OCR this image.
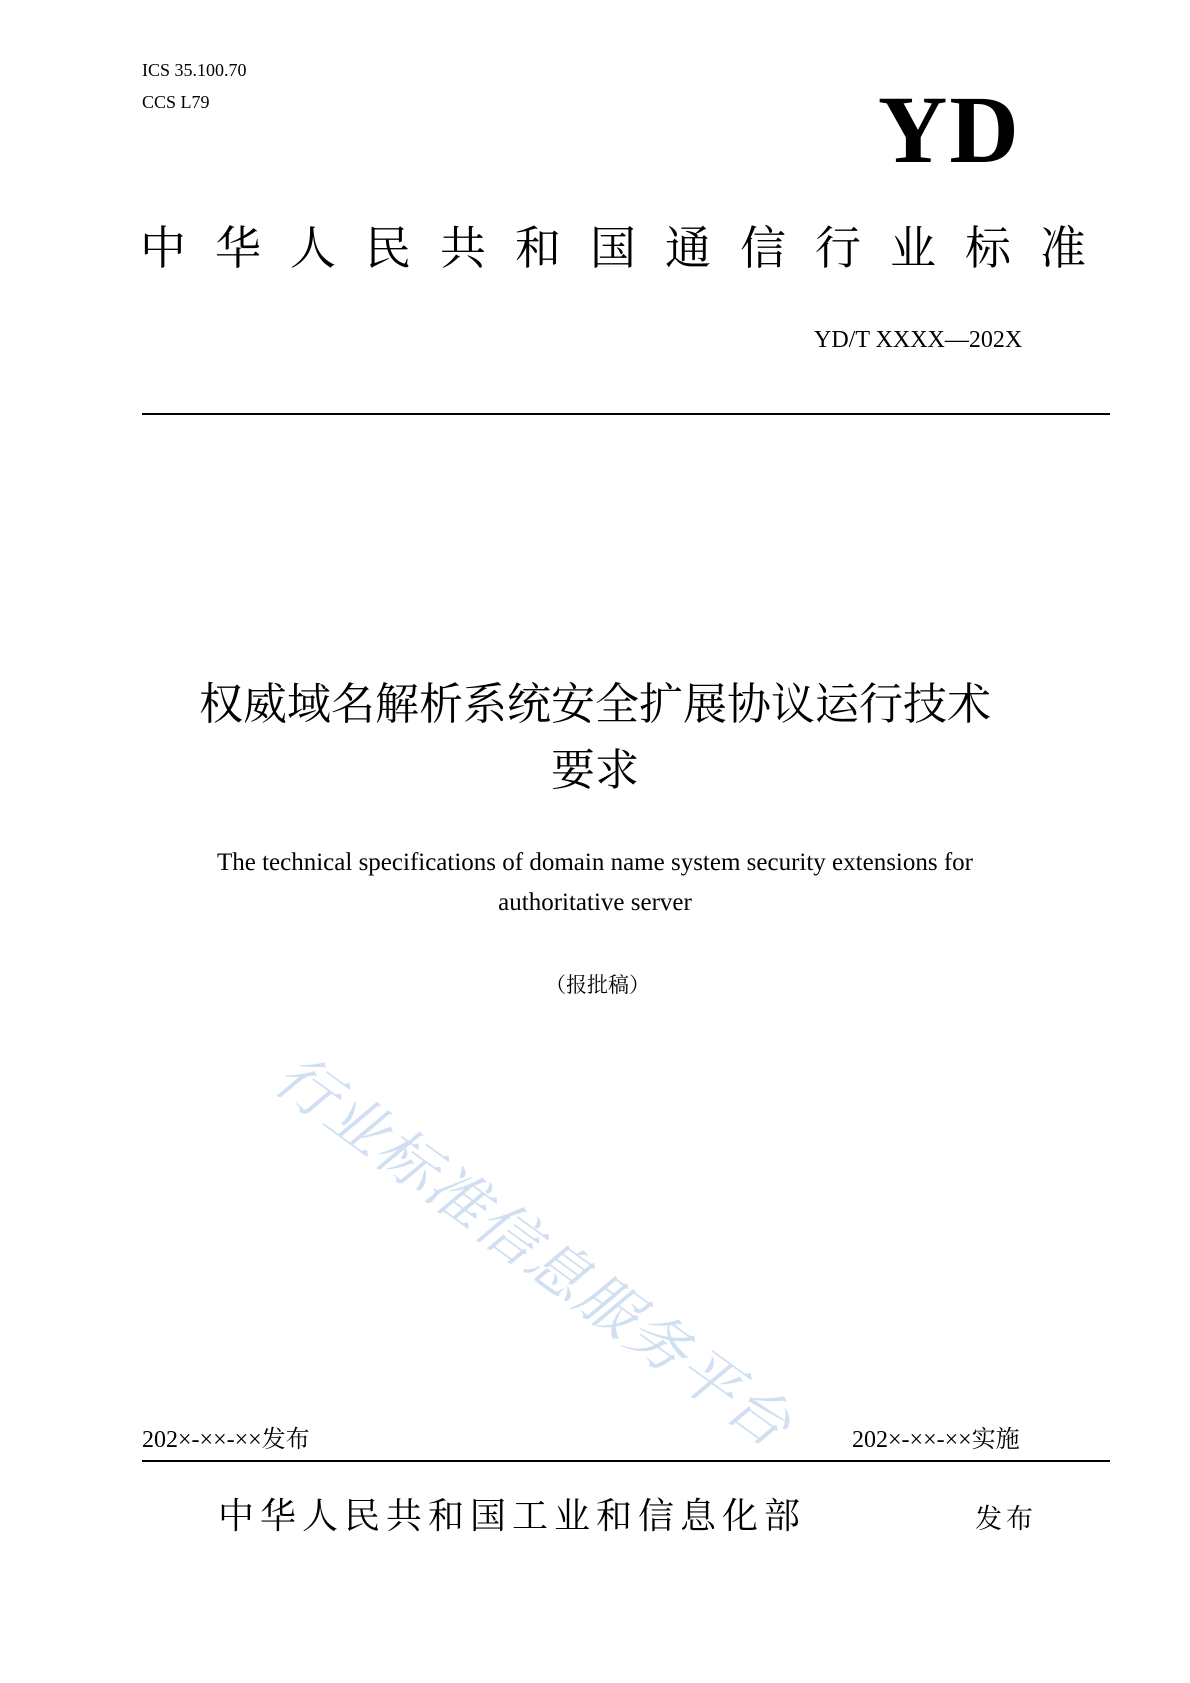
ICS 35.100.70
CCS L79	YD
中华人民共和国通信行业标准
YD/T XXXX—202X
权威域名解析系统安全扩展协议运行技术
要求
The technical specifications of domain name system security extensions for
authoritative server
（报批稿）
行业标准信息服务平台
202×-××-××发布	202×-××-××实施
中华人民共和国工业和信息化部	发布
